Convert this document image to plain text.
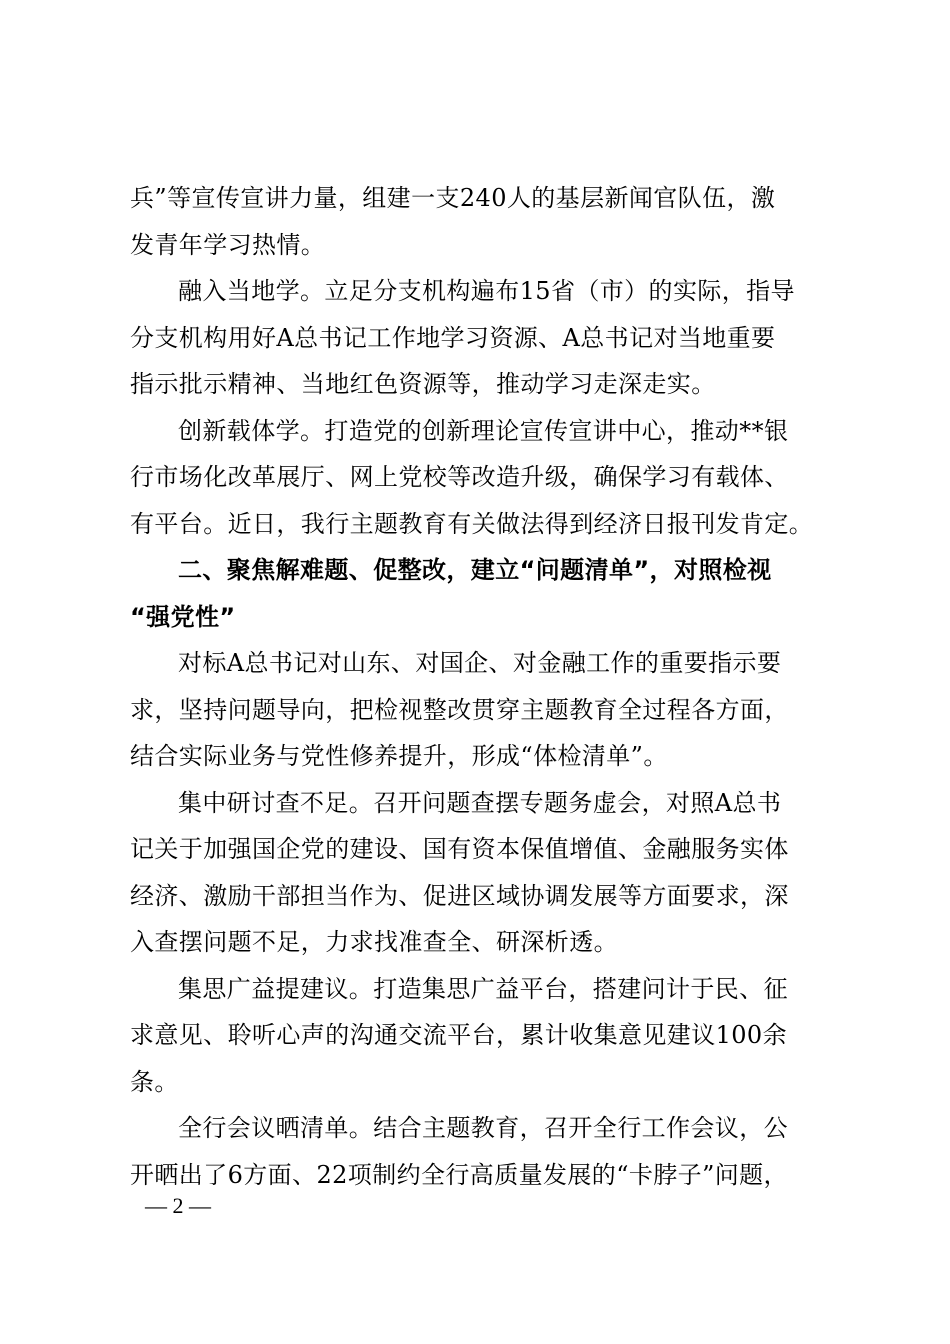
兵”等宣传宣讲力量，组建一支240人的基层新闻官队伍，激
发青年学习热情。
融入当地学。立足分支机构遍布15省（市）的实际，指导
分支机构用好A总书记工作地学习资源、A总书记对当地重要
指示批示精神、当地红色资源等，推动学习走深走实。
创新载体学。打造党的创新理论宣传宣讲中心，推动**银
行市场化改革展厅、网上党校等改造升级，确保学习有载体、
有平台。近日，我行主题教育有关做法得到经济日报刊发肯定。
二、聚焦解难题、促整改，建立“问题清单”，对照检视
“强党性”
对标A总书记对山东、对国企、对金融工作的重要指示要
求，坚持问题导向，把检视整改贯穿主题教育全过程各方面，
结合实际业务与党性修养提升，形成“体检清单”。
集中研讨查不足。召开问题查摆专题务虚会，对照A总书
记关于加强国企党的建设、国有资本保值增值、金融服务实体
经济、激励干部担当作为、促进区域协调发展等方面要求，深
入查摆问题不足，力求找准查全、研深析透。
集思广益提建议。打造集思广益平台，搭建问计于民、征
求意见、聆听心声的沟通交流平台，累计收集意见建议100余
条。
全行会议晒清单。结合主题教育，召开全行工作会议，公
开晒出了6方面、22项制约全行高质量发展的“卡脖子”问题，
— 2 —
